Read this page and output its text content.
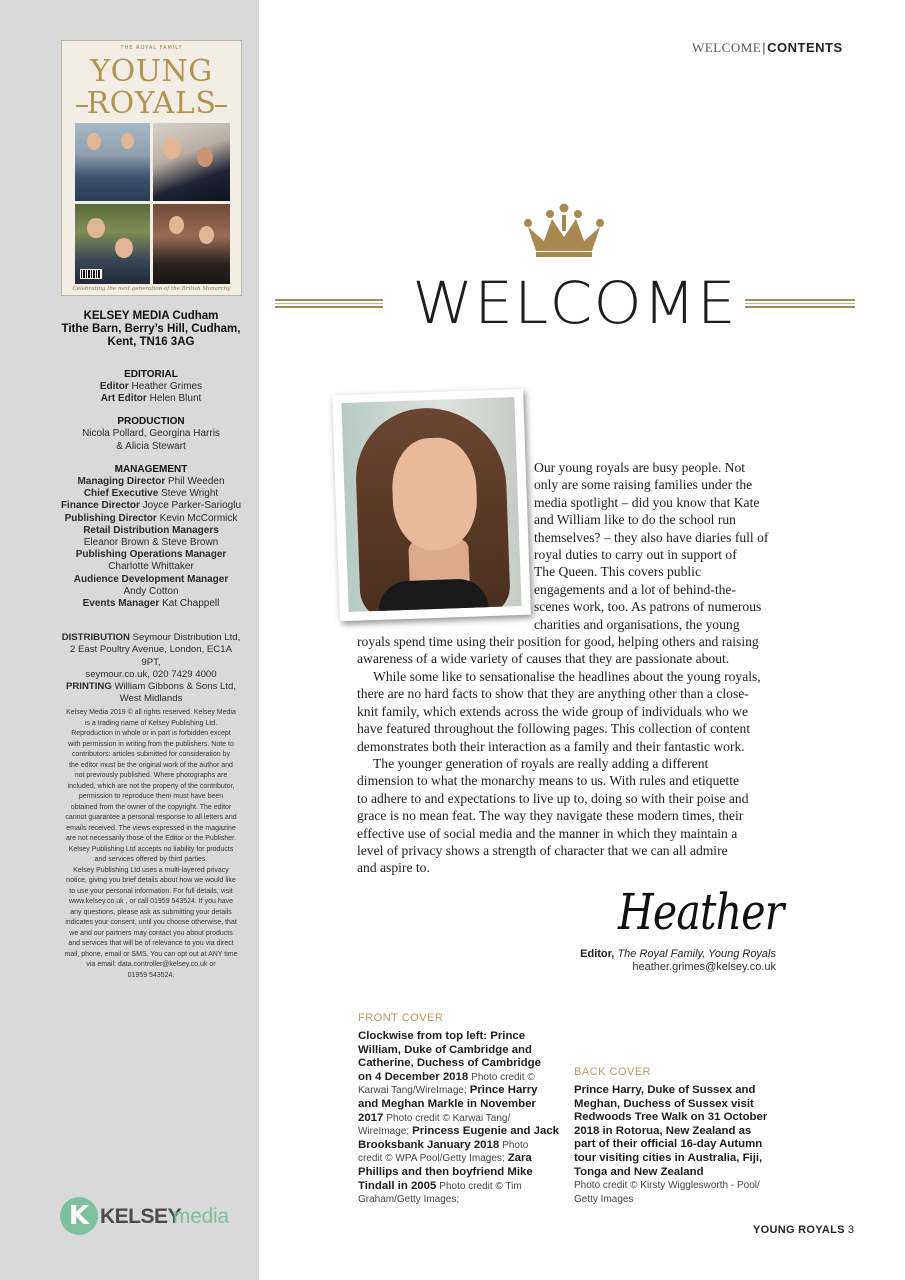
THE ROYAL FAMILY
YOUNG
ROYALS
Celebrating the next generation of the British Monarchy
KELSEY MEDIA Cudham
Tithe Barn, Berry’s Hill, Cudham,
Kent, TN16 3AG
EDITORIAL
Editor Heather Grimes
Art Editor Helen Blunt
PRODUCTION
Nicola Pollard, Georgina Harris
& Alicia Stewart
MANAGEMENT
Managing Director Phil Weeden
Chief Executive Steve Wright
Finance Director Joyce Parker-Sarioglu
Publishing Director Kevin McCormick
Retail Distribution Managers
Eleanor Brown & Steve Brown
Publishing Operations Manager
Charlotte Whittaker
Audience Development Manager
Andy Cotton
Events Manager Kat Chappell
DISTRIBUTION Seymour Distribution Ltd,
2 East Poultry Avenue, London, EC1A 9PT,
seymour.co.uk, 020 7429 4000
PRINTING William Gibbons & Sons Ltd,
West Midlands
Kelsey Media 2019 © all rights reserved. Kelsey Media
is a trading name of Kelsey Publishing Ltd.
Reproduction in whole or in part is forbidden except
with permission in writing from the publishers. Note to
contributors: articles submitted for consideration by
the editor must be the original work of the author and
not previously published. Where photographs are
included, which are not the property of the contributor,
permission to reproduce them must have been
obtained from the owner of the copyright. The editor
cannot guarantee a personal response to all letters and
emails received. The views expressed in the magazine
are not necessarily those of the Editor or the Publisher.
Kelsey Publishing Ltd accepts no liability for products
and services offered by third parties.
Kelsey Publishing Ltd uses a multi-layered privacy
notice, giving you brief details about how we would like
to use your personal information. For full details, visit
www.kelsey.co.uk , or call 01959 543524. If you have
any questions, please ask as submitting your details
indicates your consent, until you choose otherwise, that
we and our partners may contact you about products
and services that will be of relevance to you via direct
mail, phone, email or SMS. You can opt out at ANY time
via email: data.controller@kelsey.co.uk or
01959 543524.
K KELSEY
media
WELCOME|CONTENTS
WELCOME
Our young royals are busy people. Not
only are some raising families under the
media spotlight – did you know that Kate
and William like to do the school run
themselves? – they also have diaries full of
royal duties to carry out in support of
The Queen. This covers public
engagements and a lot of behind-the-
scenes work, too. As patrons of numerous
charities and organisations, the young
royals spend time using their position for good, helping others and raising
awareness of a wide variety of causes that they are passionate about.
While some like to sensationalise the headlines about the young royals,
there are no hard facts to show that they are anything other than a close-
knit family, which extends across the wide group of individuals who we
have featured throughout the following pages. This collection of content
demonstrates both their interaction as a family and their fantastic work.
The younger generation of royals are really adding a different
dimension to what the monarchy means to us. With rules and etiquette
to adhere to and expectations to live up to, doing so with their poise and
grace is no mean feat. The way they navigate these modern times, their
effective use of social media and the manner in which they maintain a
level of privacy shows a strength of character that we can all admire
and aspire to.
Heather
Editor, The Royal Family, Young Royals
heather.grimes@kelsey.co.uk
FRONT COVER
Clockwise from top left: Prince
William, Duke of Cambridge and
Catherine, Duchess of Cambridge
on 4 December 2018 Photo credit ©
Karwai Tang/WireImage; Prince Harry
and Meghan Markle in November
2017 Photo credit © Karwai Tang/
WireImage; Princess Eugenie and Jack
Brooksbank January 2018 Photo
credit © WPA Pool/Getty Images; Zara
Phillips and then boyfriend Mike
Tindall in 2005 Photo credit © Tim
Graham/Getty Images;
BACK COVER
Prince Harry, Duke of Sussex and
Meghan, Duchess of Sussex visit
Redwoods Tree Walk on 31 October
2018 in Rotorua, New Zealand as
part of their official 16-day Autumn
tour visiting cities in Australia, Fiji,
Tonga and New Zealand
Photo credit © Kirsty Wigglesworth - Pool/
Getty Images
YOUNG ROYALS 3
